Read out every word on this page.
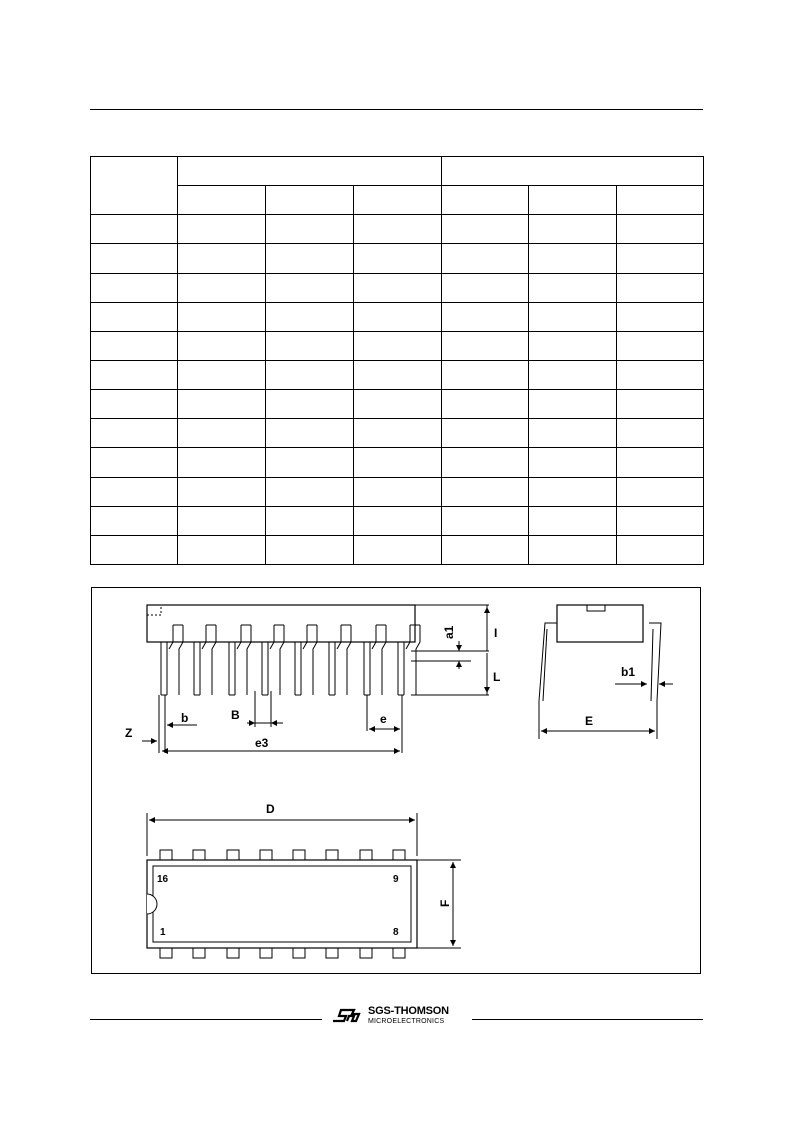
a1	I
L	b1
Z
b	B	e	E
e3
D
F
16	9
1	8
SGS-THOMSON
MICROELECTRONICS
